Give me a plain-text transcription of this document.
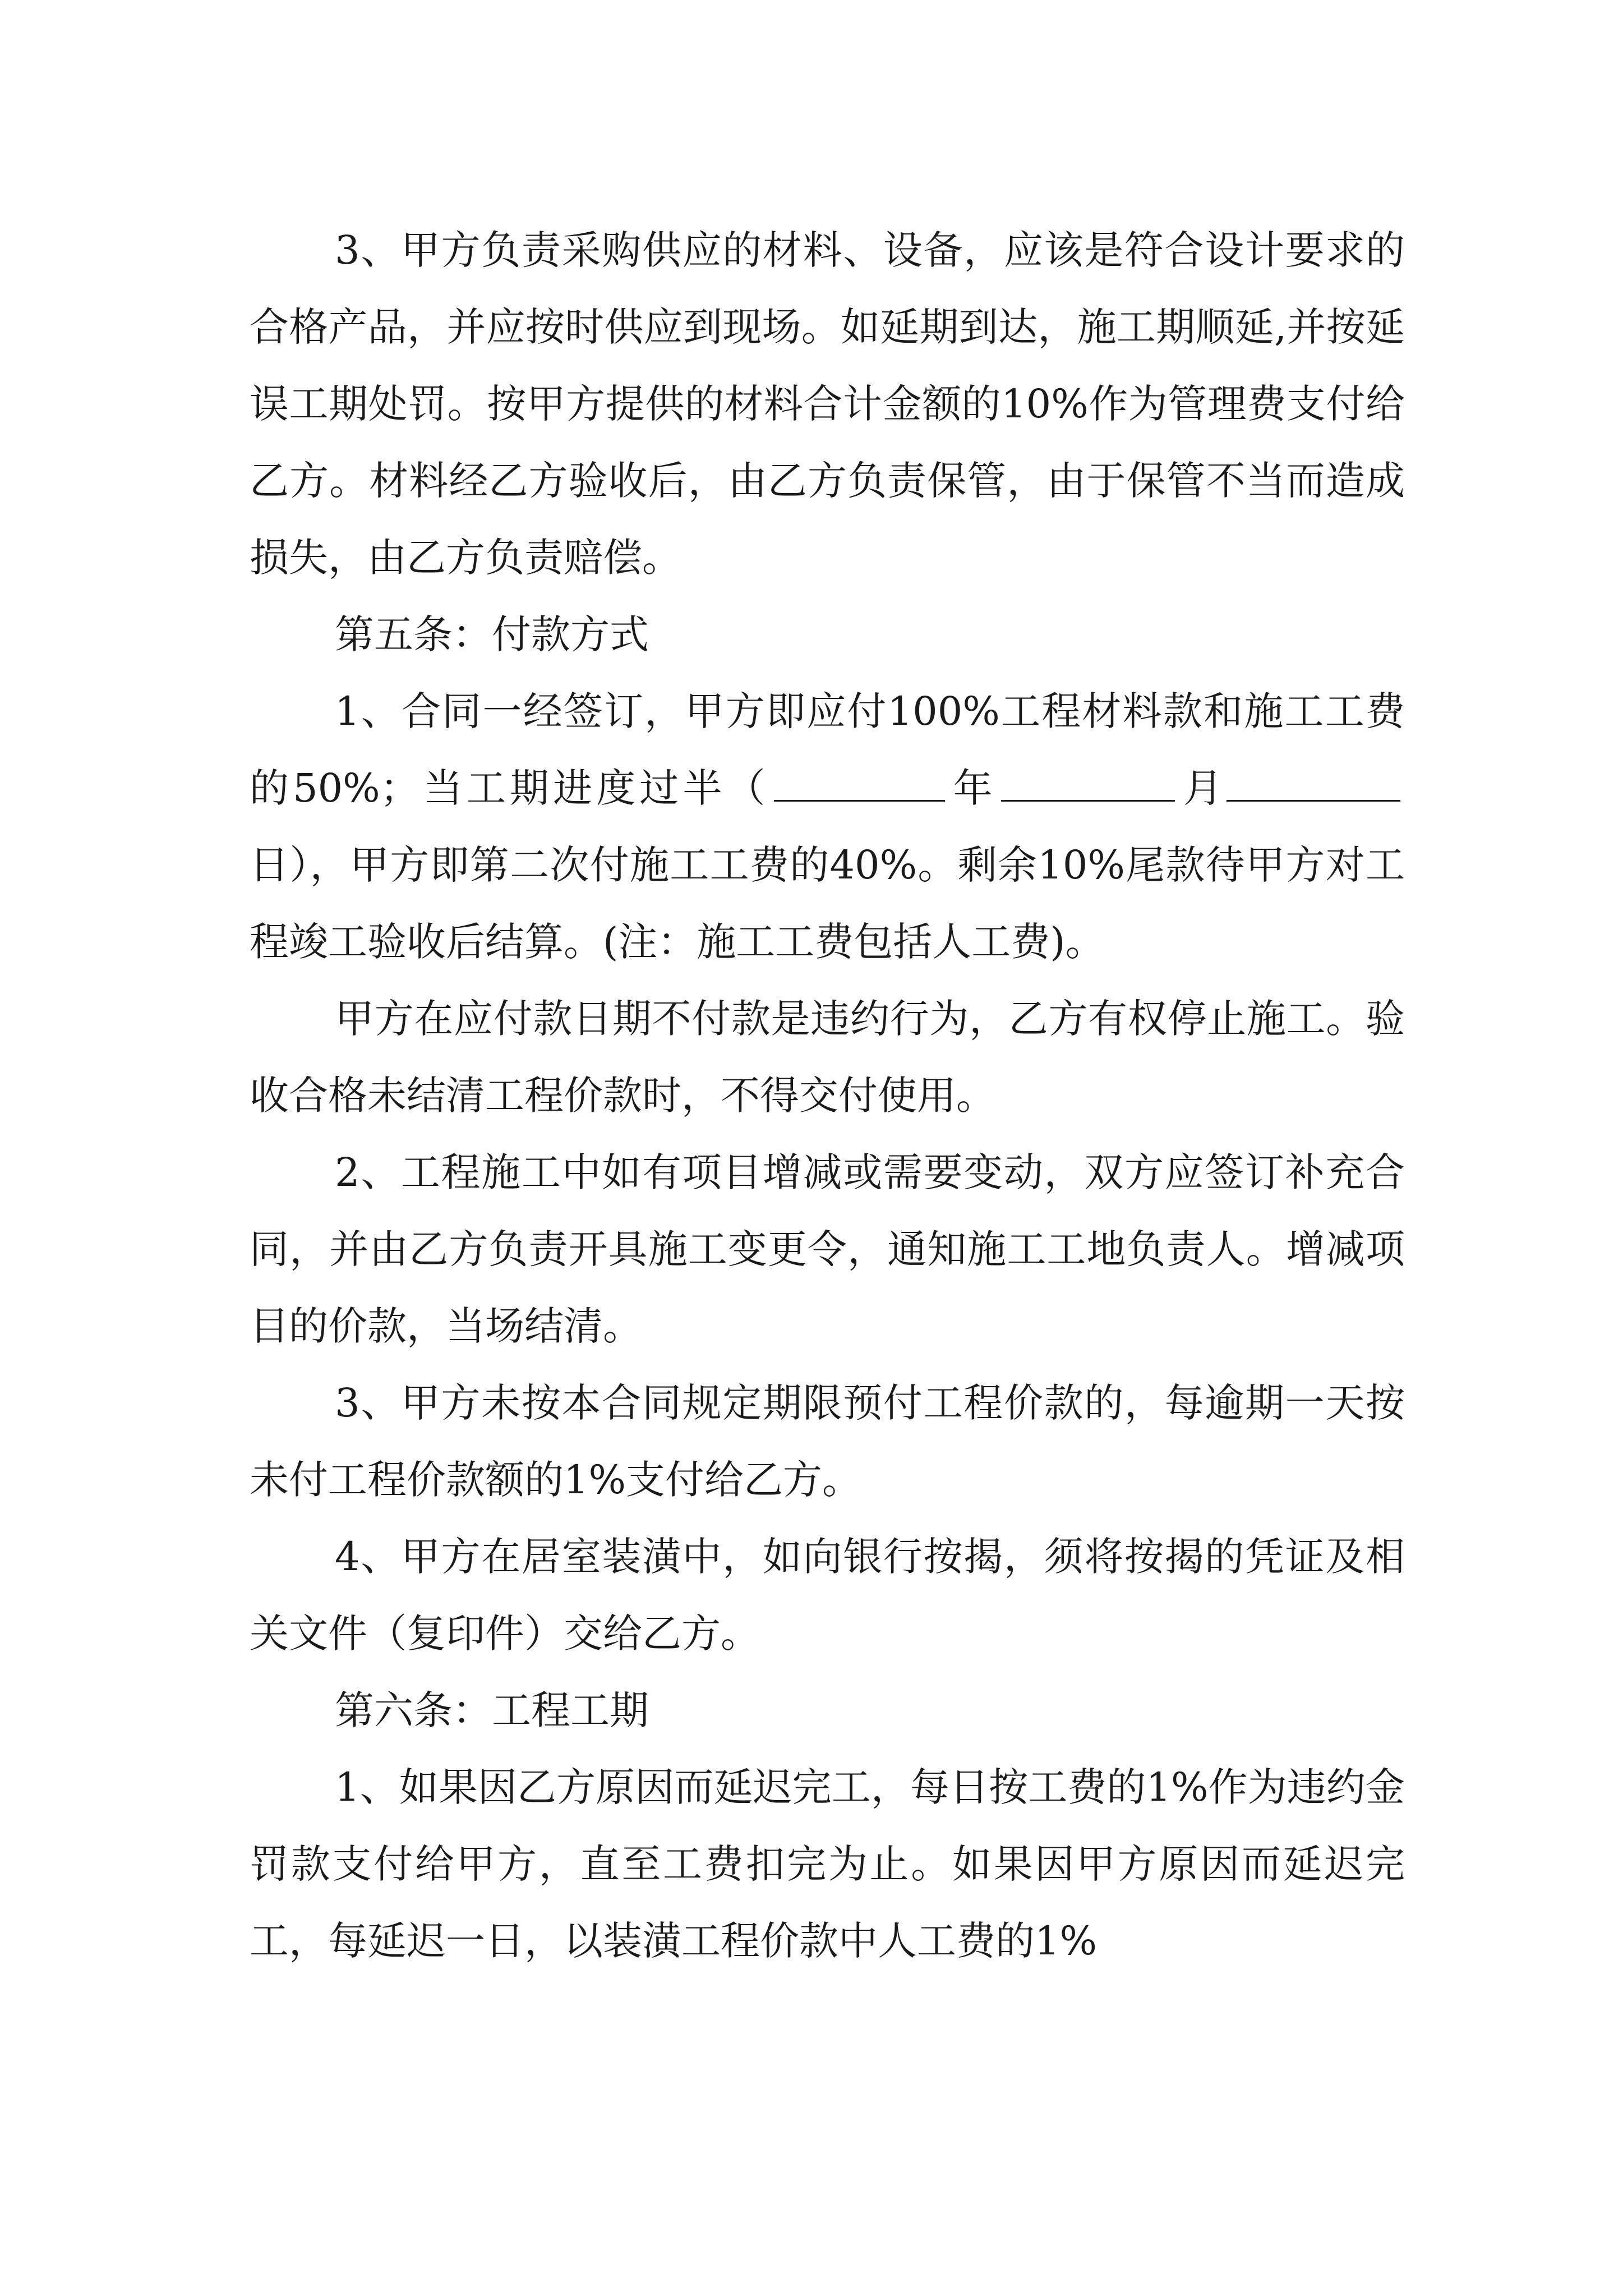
3、甲方负责采购供应的材料、设备，应该是符合设计要求的合格产品，并应按时供应到现场。如延期到达，施工期顺延,并按延误工期处罚。按甲方提供的材料合计金额的10%作为管理费支付给乙方。材料经乙方验收后，由乙方负责保管，由于保管不当而造成损失，由乙方负责赔偿。

第五条：付款方式

1、合同一经签订，甲方即应付100%工程材料款和施工工费的50%；当工期进度过半（	年	月日），甲方即第二次付施工工费的40%。剩余10%尾款待甲方对工程竣工验收后结算。(注：施工工费包括人工费)。

甲方在应付款日期不付款是违约行为，乙方有权停止施工。验收合格未结清工程价款时，不得交付使用。

2、工程施工中如有项目增减或需要变动，双方应签订补充合同，并由乙方负责开具施工变更令，通知施工工地负责人。增减项目的价款，当场结清。

3、甲方未按本合同规定期限预付工程价款的，每逾期一天按未付工程价款额的1%支付给乙方。

4、甲方在居室装潢中，如向银行按揭，须将按揭的凭证及相关文件（复印件）交给乙方。

第六条：工程工期

1、如果因乙方原因而延迟完工，每日按工费的1%作为违约金罚款支付给甲方，直至工费扣完为止。如果因甲方原因而延迟完工，每延迟一日，以装潢工程价款中人工费的1%
